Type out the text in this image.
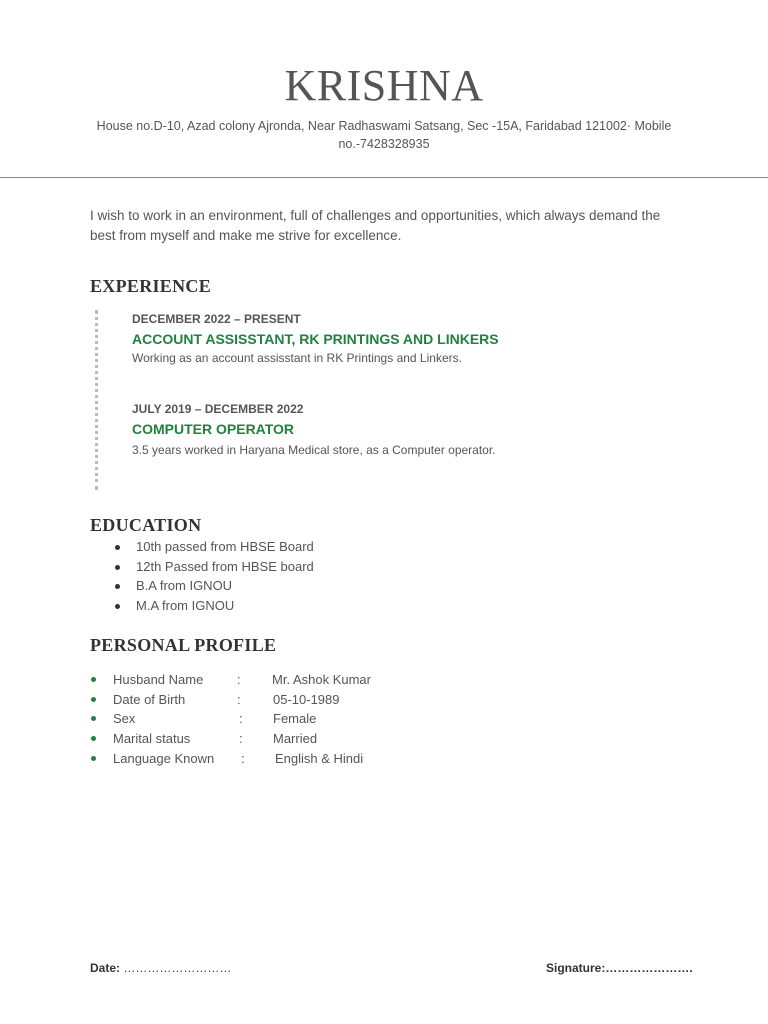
KRISHNA
House no.D-10, Azad colony Ajronda, Near Radhaswami Satsang, Sec -15A, Faridabad 121002· Mobile no.-7428328935
I wish to work in an environment, full of challenges and opportunities, which always demand the best from myself and make me strive for excellence.
EXPERIENCE
DECEMBER 2022 – PRESENT
ACCOUNT ASSISSTANT, RK PRINTINGS AND LINKERS
Working as an account assisstant in RK Printings and Linkers.
JULY 2019 – DECEMBER 2022
COMPUTER OPERATOR
3.5 years worked in Haryana Medical store, as a Computer operator.
EDUCATION
10th passed from HBSE Board
12th Passed from HBSE board
B.A from IGNOU
M.A from IGNOU
PERSONAL PROFILE
Husband Name	: Mr. Ashok Kumar
Date of Birth	: 05-10-1989
Sex	: Female
Marital status	: Married
Language Known : English & Hindi
Date: ………………………	Signature:………………….
